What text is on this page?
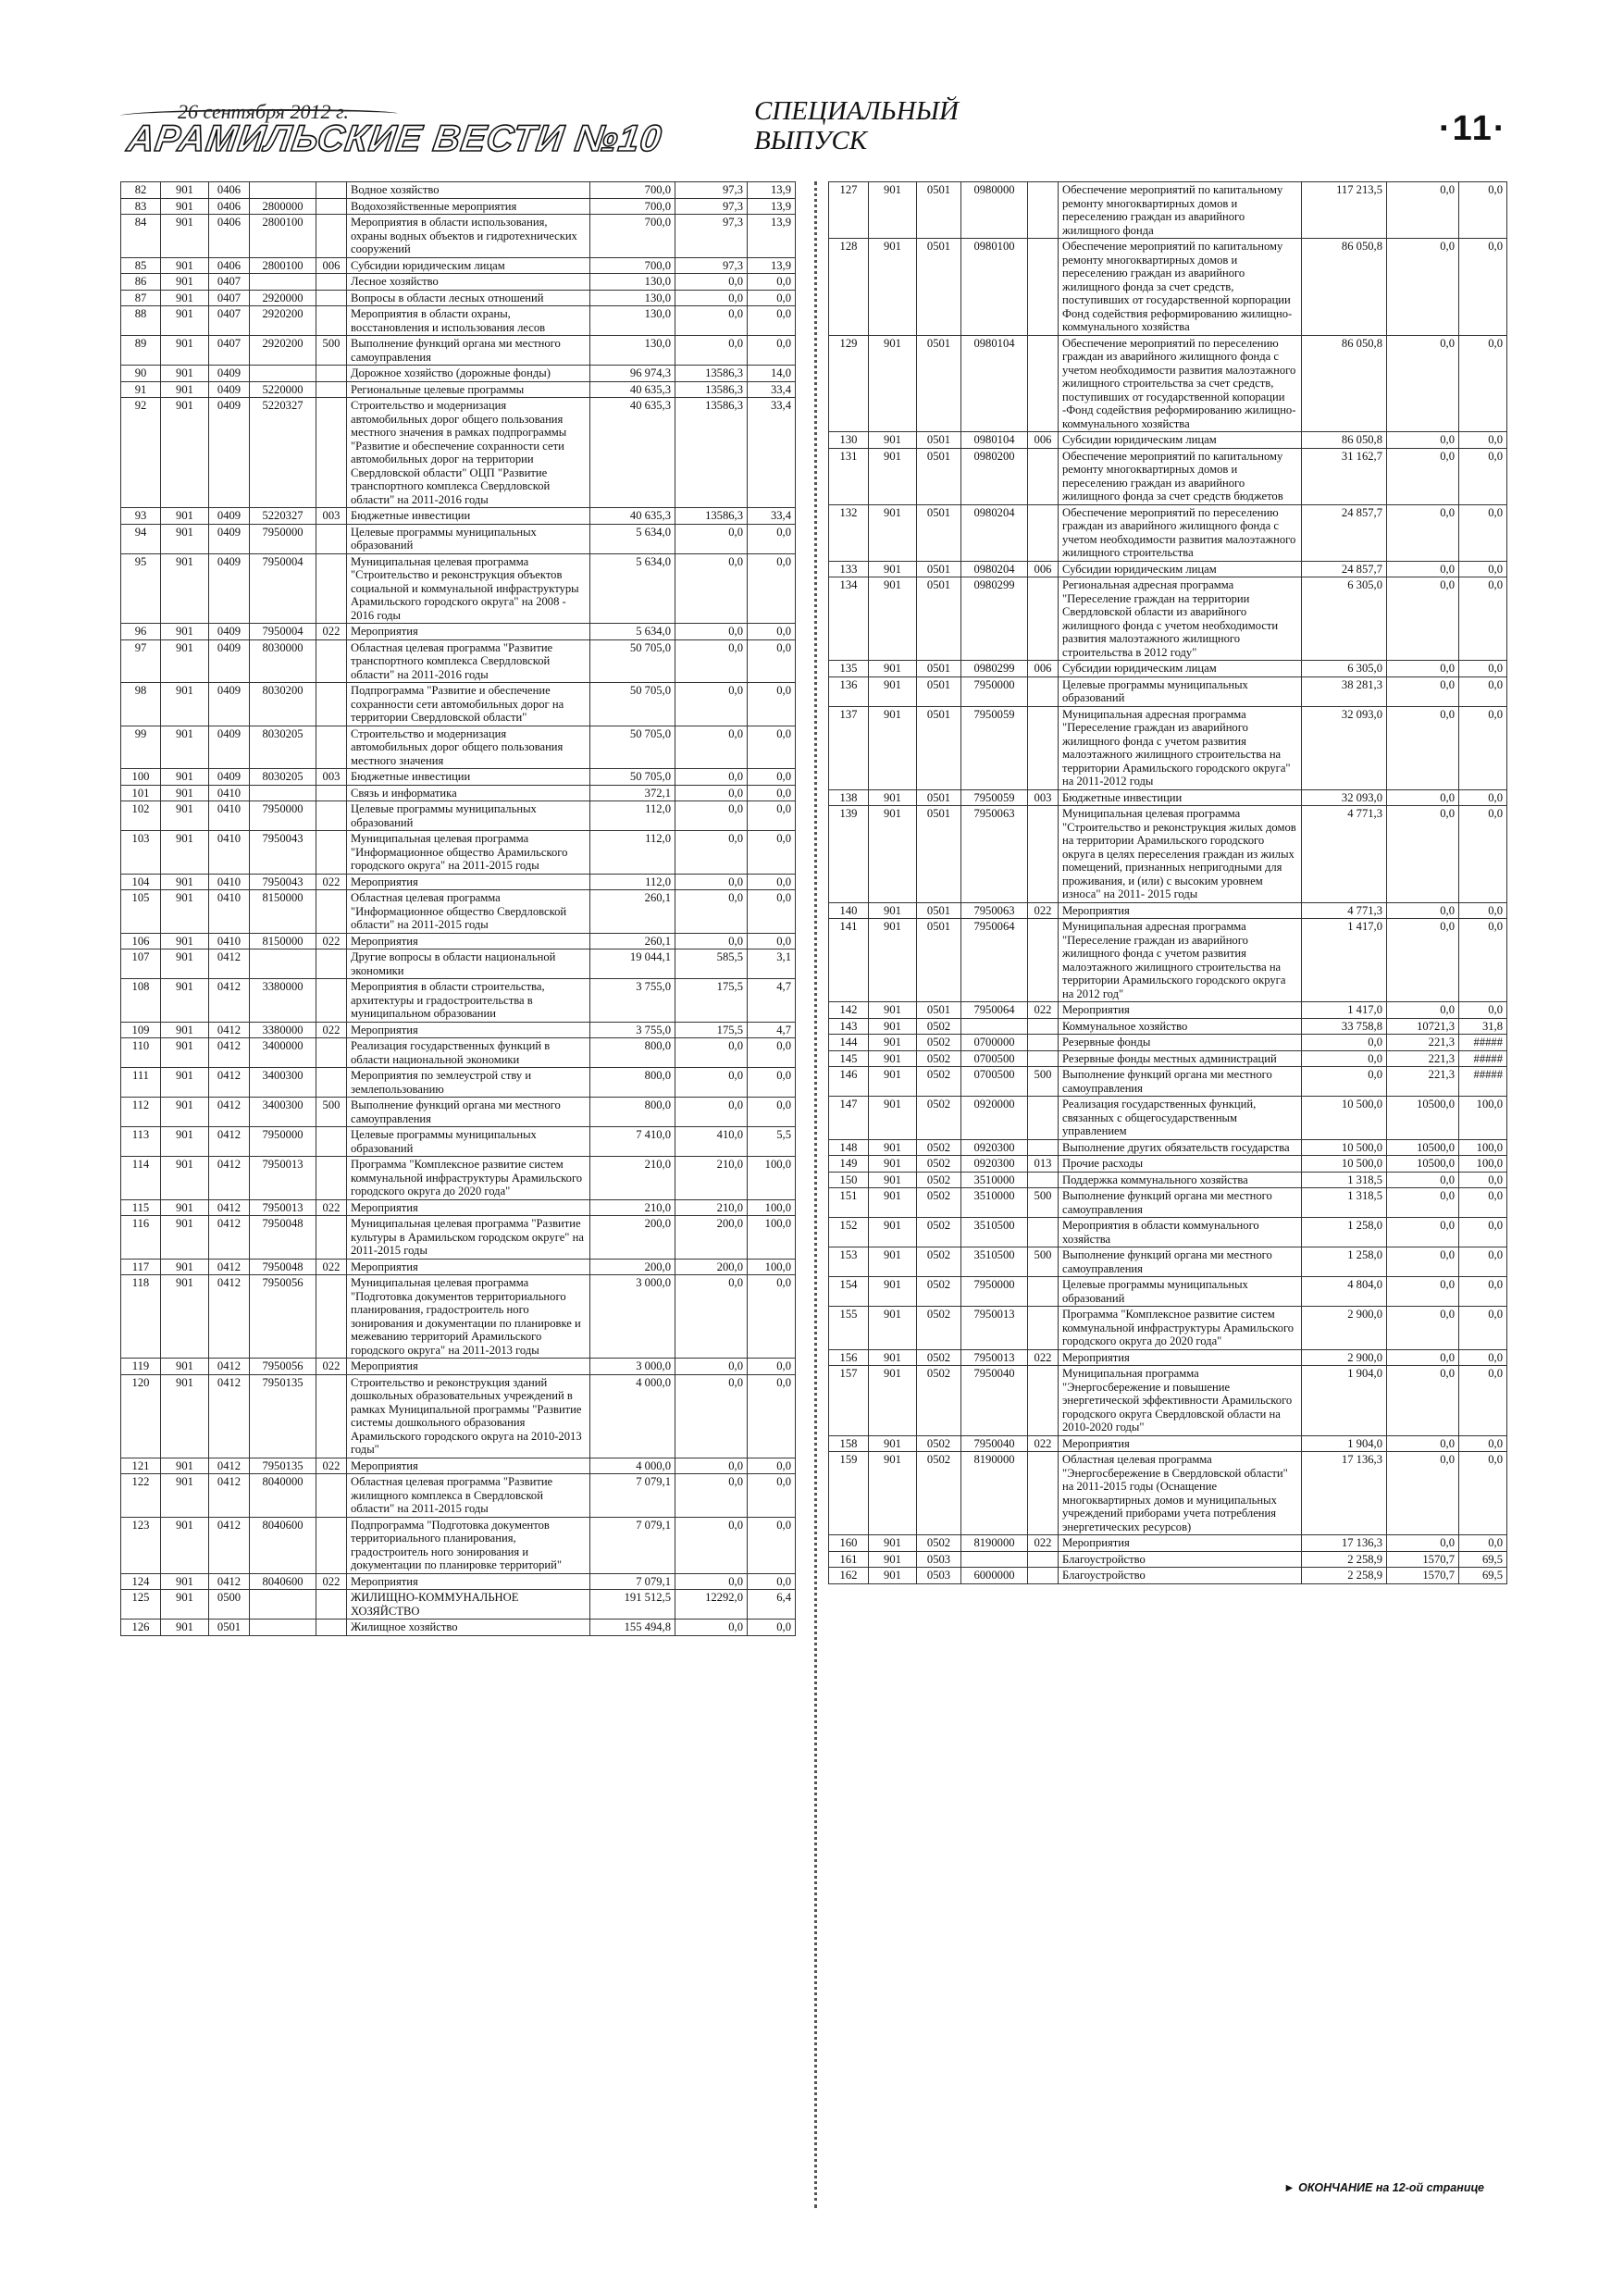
26 сентября 2012 г.
АРАМИЛЬСКИЕ ВЕСТИ №10
СПЕЦИАЛЬНЫЙ
ВЫПУСК	·11·
82	901	0406			Водное хозяйство	700,0	97,3	13,9
83	901	0406	2800000		Водохозяйственные мероприятия	700,0	97,3	13,9
84	901	0406	2800100		Мероприятия в области использования, охраны водных объектов и гидротехнических сооружений	700,0	97,3	13,9
85	901	0406	2800100	006	Субсидии юридическим лицам	700,0	97,3	13,9
86	901	0407			Лесное хозяйство	130,0	0,0	0,0
87	901	0407	2920000		Вопросы в области лесных отношений	130,0	0,0	0,0
88	901	0407	2920200		Мероприятия в области охраны, восстановления и использования лесов	130,0	0,0	0,0
89	901	0407	2920200	500	Выполнение функций органа ми местного самоуправления	130,0	0,0	0,0
90	901	0409			Дорожное хозяйство (дорожные фонды)	96 974,3	13586,3	14,0
91	901	0409	5220000		Региональные целевые программы	40 635,3	13586,3	33,4
92	901	0409	5220327		Строительство и модернизация автомобильных дорог общего пользования местного значения в рамках подпрограммы "Развитие и обеспечение сохранности сети автомобильных дорог на территории Свердловской области" ОЦП "Развитие транспортного комплекса Свердловской области" на 2011-2016 годы	40 635,3	13586,3	33,4
93	901	0409	5220327	003	Бюджетные инвестиции	40 635,3	13586,3	33,4
94	901	0409	7950000		Целевые программы муниципальных образований	5 634,0	0,0	0,0
95	901	0409	7950004		Муниципальная целевая программа "Строительство и реконструкция объектов социальной и коммунальной инфраструктуры Арамильского городского округа" на 2008 - 2016 годы	5 634,0	0,0	0,0
96	901	0409	7950004	022	Мероприятия	5 634,0	0,0	0,0
97	901	0409	8030000		Областная целевая программа "Развитие транспортного комплекса Свердловской области" на 2011-2016 годы	50 705,0	0,0	0,0
98	901	0409	8030200		Подпрограмма "Развитие и обеспечение сохранности сети автомобильных дорог на территории Свердловской области"	50 705,0	0,0	0,0
99	901	0409	8030205		Строительство и модернизация автомобильных дорог общего пользования местного значения	50 705,0	0,0	0,0
100	901	0409	8030205	003	Бюджетные инвестиции	50 705,0	0,0	0,0
101	901	0410			Связь и информатика	372,1	0,0	0,0
102	901	0410	7950000		Целевые программы муниципальных образований	112,0	0,0	0,0
103	901	0410	7950043		Муниципальная целевая программа "Информационное общество Арамильского городского округа" на 2011-2015 годы	112,0	0,0	0,0
104	901	0410	7950043	022	Мероприятия	112,0	0,0	0,0
105	901	0410	8150000		Областная целевая программа "Информационное общество Свердловской области" на 2011-2015 годы	260,1	0,0	0,0
106	901	0410	8150000	022	Мероприятия	260,1	0,0	0,0
107	901	0412			Другие вопросы в области национальной экономики	19 044,1	585,5	3,1
108	901	0412	3380000		Мероприятия в области строительства, архитектуры и градостроительства в муниципальном образовании	3 755,0	175,5	4,7
109	901	0412	3380000	022	Мероприятия	3 755,0	175,5	4,7
110	901	0412	3400000		Реализация государственных функций в области национальной экономики	800,0	0,0	0,0
111	901	0412	3400300		Мероприятия по землеустрой ству и землепользованию	800,0	0,0	0,0
112	901	0412	3400300	500	Выполнение функций органа ми местного самоуправления	800,0	0,0	0,0
113	901	0412	7950000		Целевые программы муниципальных образований	7 410,0	410,0	5,5
114	901	0412	7950013		Программа "Комплексное развитие систем коммунальной инфраструктуры Арамильского городского округа до 2020 года"	210,0	210,0	100,0
115	901	0412	7950013	022	Мероприятия	210,0	210,0	100,0
116	901	0412	7950048		Муниципальная целевая программа "Развитие культуры в Арамильском городском округе" на 2011-2015 годы	200,0	200,0	100,0
117	901	0412	7950048	022	Мероприятия	200,0	200,0	100,0
118	901	0412	7950056		Муниципальная целевая программа "Подготовка документов территориального планирования, градостроитель ного зонирования и документации по планировке и межеванию территорий Арамильского городского округа" на 2011-2013 годы	3 000,0	0,0	0,0
119	901	0412	7950056	022	Мероприятия	3 000,0	0,0	0,0
120	901	0412	7950135		Строительство и реконструкция зданий дошкольных образовательных учреждений в рамках Муниципальной программы "Развитие системы дошкольного образования Арамильского городского округа на 2010-2013 годы"	4 000,0	0,0	0,0
121	901	0412	7950135	022	Мероприятия	4 000,0	0,0	0,0
122	901	0412	8040000		Областная целевая программа "Развитие жилищного комплекса в Свердловской области" на 2011-2015 годы	7 079,1	0,0	0,0
123	901	0412	8040600		Подпрограмма "Подготовка документов территориального планирования, градостроитель ного зонирования и документации по планировке территорий"	7 079,1	0,0	0,0
124	901	0412	8040600	022	Мероприятия	7 079,1	0,0	0,0
125	901	0500			ЖИЛИЩНО-КОММУНАЛЬНОЕ ХОЗЯЙСТВО	191 512,5	12292,0	6,4
126	901	0501			Жилищное хозяйство	155 494,8	0,0	0,0
127	901	0501	0980000		Обеспечение мероприятий по капитальному ремонту многоквартирных домов и переселению граждан из аварийного жилищного фонда	117 213,5	0,0	0,0
128	901	0501	0980100		Обеспечение мероприятий по капитальному ремонту многоквартирных домов и переселению граждан из аварийного жилищного фонда за счет средств, поступивших от государственной корпорации Фонд содействия реформированию жилищно-коммунального хозяйства	86 050,8	0,0	0,0
129	901	0501	0980104		Обеспечение мероприятий по переселению граждан из аварийного жилищного фонда с учетом необходимости развития малоэтажного жилищного строительства за счет средств, поступивших от государственной копорации -Фонд содействия реформированию жилищно-коммунального хозяйства	86 050,8	0,0	0,0
130	901	0501	0980104	006	Субсидии юридическим лицам	86 050,8	0,0	0,0
131	901	0501	0980200		Обеспечение мероприятий по капитальному ремонту многоквартирных домов и переселению граждан из аварийного жилищного фонда за счет средств бюджетов	31 162,7	0,0	0,0
132	901	0501	0980204		Обеспечение мероприятий по переселению граждан из аварийного жилищного фонда с учетом необходимости развития малоэтажного жилищного строительства	24 857,7	0,0	0,0
133	901	0501	0980204	006	Субсидии юридическим лицам	24 857,7	0,0	0,0
134	901	0501	0980299		Региональная адресная программа "Переселение граждан на территории Свердловской области из аварийного жилищного фонда с учетом необходимости развития малоэтажного жилищного строительства в 2012 году"	6 305,0	0,0	0,0
135	901	0501	0980299	006	Субсидии юридическим лицам	6 305,0	0,0	0,0
136	901	0501	7950000		Целевые программы муниципальных образований	38 281,3	0,0	0,0
137	901	0501	7950059		Муниципальная адресная программа "Переселение граждан из аварийного жилищного фонда с учетом развития малоэтажного жилищного строительства на территории Арамильского городского округа" на 2011-2012 годы	32 093,0	0,0	0,0
138	901	0501	7950059	003	Бюджетные инвестиции	32 093,0	0,0	0,0
139	901	0501	7950063		Муниципальная целевая программа "Строительство и реконструкция жилых домов на территории Арамильского городского округа в целях переселения граждан из жилых помещений, признанных непригодными для проживания, и (или) с высоким уровнем износа" на 2011- 2015 годы	4 771,3	0,0	0,0
140	901	0501	7950063	022	Мероприятия	4 771,3	0,0	0,0
141	901	0501	7950064		Муниципальная адресная программа "Переселение граждан из аварийного жилищного фонда с учетом развития малоэтажного жилищного строительства на территории Арамильского городского округа на 2012 год"	1 417,0	0,0	0,0
142	901	0501	7950064	022	Мероприятия	1 417,0	0,0	0,0
143	901	0502			Коммунальное хозяйство	33 758,8	10721,3	31,8
144	901	0502	0700000		Резервные фонды	0,0	221,3	#####
145	901	0502	0700500		Резервные фонды местных администраций	0,0	221,3	#####
146	901	0502	0700500	500	Выполнение функций органа ми местного самоуправления	0,0	221,3	#####
147	901	0502	0920000		Реализация государственных функций, связанных с общегосударственным управлением	10 500,0	10500,0	100,0
148	901	0502	0920300		Выполнение других обязательств государства	10 500,0	10500,0	100,0
149	901	0502	0920300	013	Прочие расходы	10 500,0	10500,0	100,0
150	901	0502	3510000		Поддержка коммунального хозяйства	1 318,5	0,0	0,0
151	901	0502	3510000	500	Выполнение функций органа ми местного самоуправления	1 318,5	0,0	0,0
152	901	0502	3510500		Мероприятия в области коммунального хозяйства	1 258,0	0,0	0,0
153	901	0502	3510500	500	Выполнение функций органа ми местного самоуправления	1 258,0	0,0	0,0
154	901	0502	7950000		Целевые программы муниципальных образований	4 804,0	0,0	0,0
155	901	0502	7950013		Программа "Комплексное развитие систем коммунальной инфраструктуры Арамильского городского округа до 2020 года"	2 900,0	0,0	0,0
156	901	0502	7950013	022	Мероприятия	2 900,0	0,0	0,0
157	901	0502	7950040		Муниципальная программа "Энергосбережение и повышение энергетической эффективности Арамильского городского округа Свердловской области на 2010-2020 годы"	1 904,0	0,0	0,0
158	901	0502	7950040	022	Мероприятия	1 904,0	0,0	0,0
159	901	0502	8190000		Областная целевая программа "Энергосбережение в Свердловской области" на 2011-2015 годы (Оснащение многоквартирных домов и муниципальных учреждений приборами учета потребления энергетических ресурсов)	17 136,3	0,0	0,0
160	901	0502	8190000	022	Мероприятия	17 136,3	0,0	0,0
161	901	0503			Благоустройство	2 258,9	1570,7	69,5
162	901	0503	6000000		Благоустройство	2 258,9	1570,7	69,5
► ОКОНЧАНИЕ на 12-ой странице
